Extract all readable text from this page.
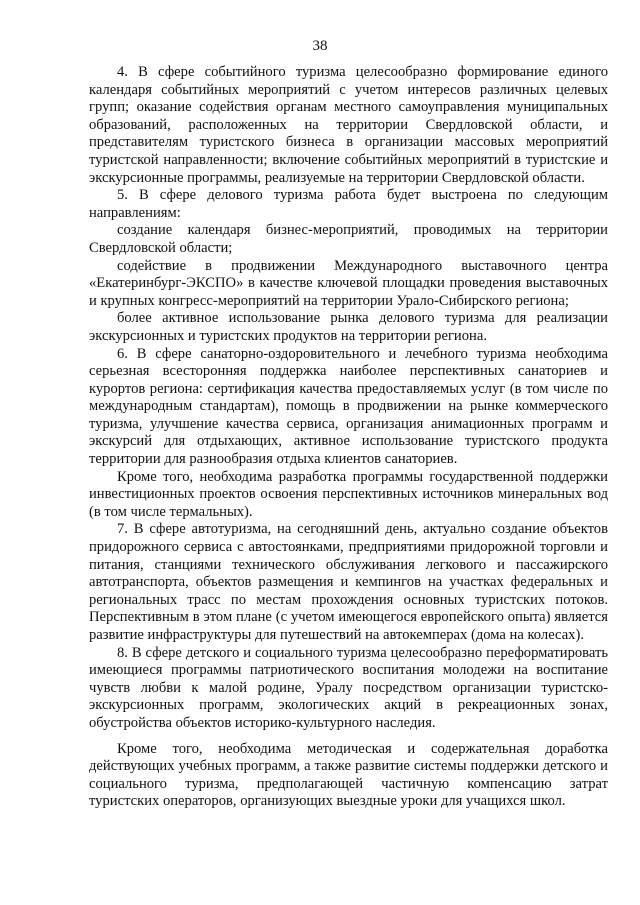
38

4. В сфере событийного туризма целесообразно формирование единого календаря событийных мероприятий с учетом интересов различных целевых групп; оказание содействия органам местного самоуправления муниципальных образований, расположенных на территории Свердловской области, и представителям туристского бизнеса в организации массовых мероприятий туристской направленности; включение событийных мероприятий в туристские и экскурсионные программы, реализуемые на территории Свердловской области.

5. В сфере делового туризма работа будет выстроена по следующим направлениям:

создание календаря бизнес-мероприятий, проводимых на территории Свердловской области;

содействие в продвижении Международного выставочного центра «Екатеринбург-ЭКСПО» в качестве ключевой площадки проведения выставочных и крупных конгресс-мероприятий на территории Урало-Сибирского региона;

более активное использование рынка делового туризма для реализации экскурсионных и туристских продуктов на территории региона.

6. В сфере санаторно-оздоровительного и лечебного туризма необходима серьезная всесторонняя поддержка наиболее перспективных санаториев и курортов региона: сертификация качества предоставляемых услуг (в том числе по международным стандартам), помощь в продвижении на рынке коммерческого туризма, улучшение качества сервиса, организация анимационных программ и экскурсий для отдыхающих, активное использование туристского продукта территории для разнообразия отдыха клиентов санаториев.

Кроме того, необходима разработка программы государственной поддержки инвестиционных проектов освоения перспективных источников минеральных вод (в том числе термальных).

7. В сфере автотуризма, на сегодняшний день, актуально создание объектов придорожного сервиса с автостоянками, предприятиями придорожной торговли и питания, станциями технического обслуживания легкового и пассажирского автотранспорта, объектов размещения и кемпингов на участках федеральных и региональных трасс по местам прохождения основных туристских потоков. Перспективным в этом плане (с учетом имеющегося европейского опыта) является развитие инфраструктуры для путешествий на автокемперах (дома на колесах).

8. В сфере детского и социального туризма целесообразно переформатировать имеющиеся программы патриотического воспитания молодежи на воспитание чувств любви к малой родине, Уралу посредством организации туристско-экскурсионных программ, экологических акций в рекреационных зонах, обустройства объектов историко-культурного наследия.

Кроме того, необходима методическая и содержательная доработка действующих учебных программ, а также развитие системы поддержки детского и социального туризма, предполагающей частичную компенсацию затрат туристских операторов, организующих выездные уроки для учащихся школ.
